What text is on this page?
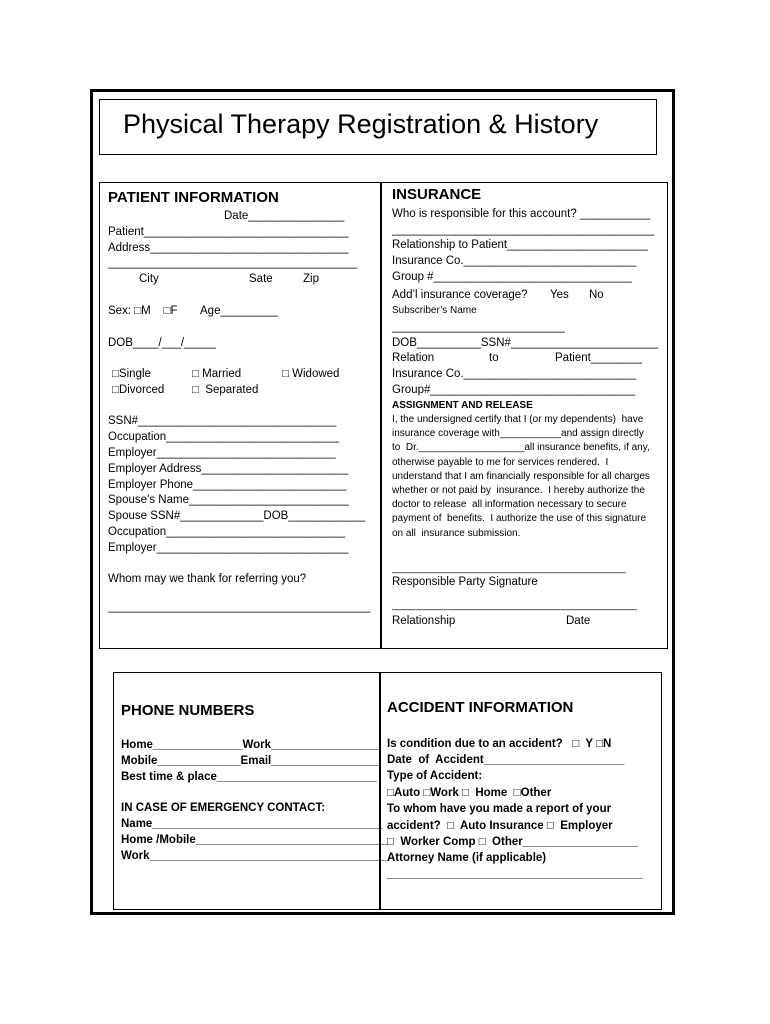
Physical Therapy Registration & History
PATIENT INFORMATION
Date_______________
Patient________________________________
Address_______________________________
_______________________________________
City	Sate	Zip
Sex: □M    □F Age_________
DOB____/___/_____
□Single	□ Married	□ Widowed
□Divorced □  Separated
SSN#_______________________________
Occupation___________________________
Employer____________________________
Employer Address_______________________
Employer Phone________________________
Spouse’s Name_________________________
Spouse SSN#_____________DOB____________
Occupation____________________________
Employer______________________________
Whom may we thank for referring you?
_________________________________________
INSURANCE
Who is responsible for this account? ___________
_________________________________________
Relationship to Patient______________________
Insurance Co.___________________________
Group #_______________________________
Add’l insurance coverage? Yes No
Subscriber’s Name
___________________________
DOB__________SSN#_______________________
Relation	to	Patient________
Insurance Co.___________________________
Group#________________________________
ASSIGNMENT AND RELEASE
I, the undersigned certify that I (or my dependents)  have
insurance coverage with___________and assign directly
to  Dr.___________________all insurance benefits, if any,
otherwise payable to me for services rendered.  I
understand that I am financially responsible for all charges
whether or not paid by  insurance.  I hereby authorize the
doctor to release  all information necessary to secure
payment of  benefits.  I authorize the use of this signature
on all  insurance submission.
__________________________________________
Responsible Party Signature
____________________________________________
Relationship	Date
PHONE NUMBERS
Home______________Work_________________
Mobile_____________Email_________________
Best time & place_________________________
IN CASE OF EMERGENCY CONTACT:
Name____________________________________
Home /Mobile______________________________
Work_____________________________________
ACCIDENT INFORMATION
Is condition due to an accident?   □  Y □N
Date  of  Accident______________________
Type of Accident:
□Auto □Work □  Home  □Other
To whom have you made a report of your
accident?  □  Auto Insurance □  Employer
□  Worker Comp □  Other__________________
Attorney Name (if applicable)
________________________________________
